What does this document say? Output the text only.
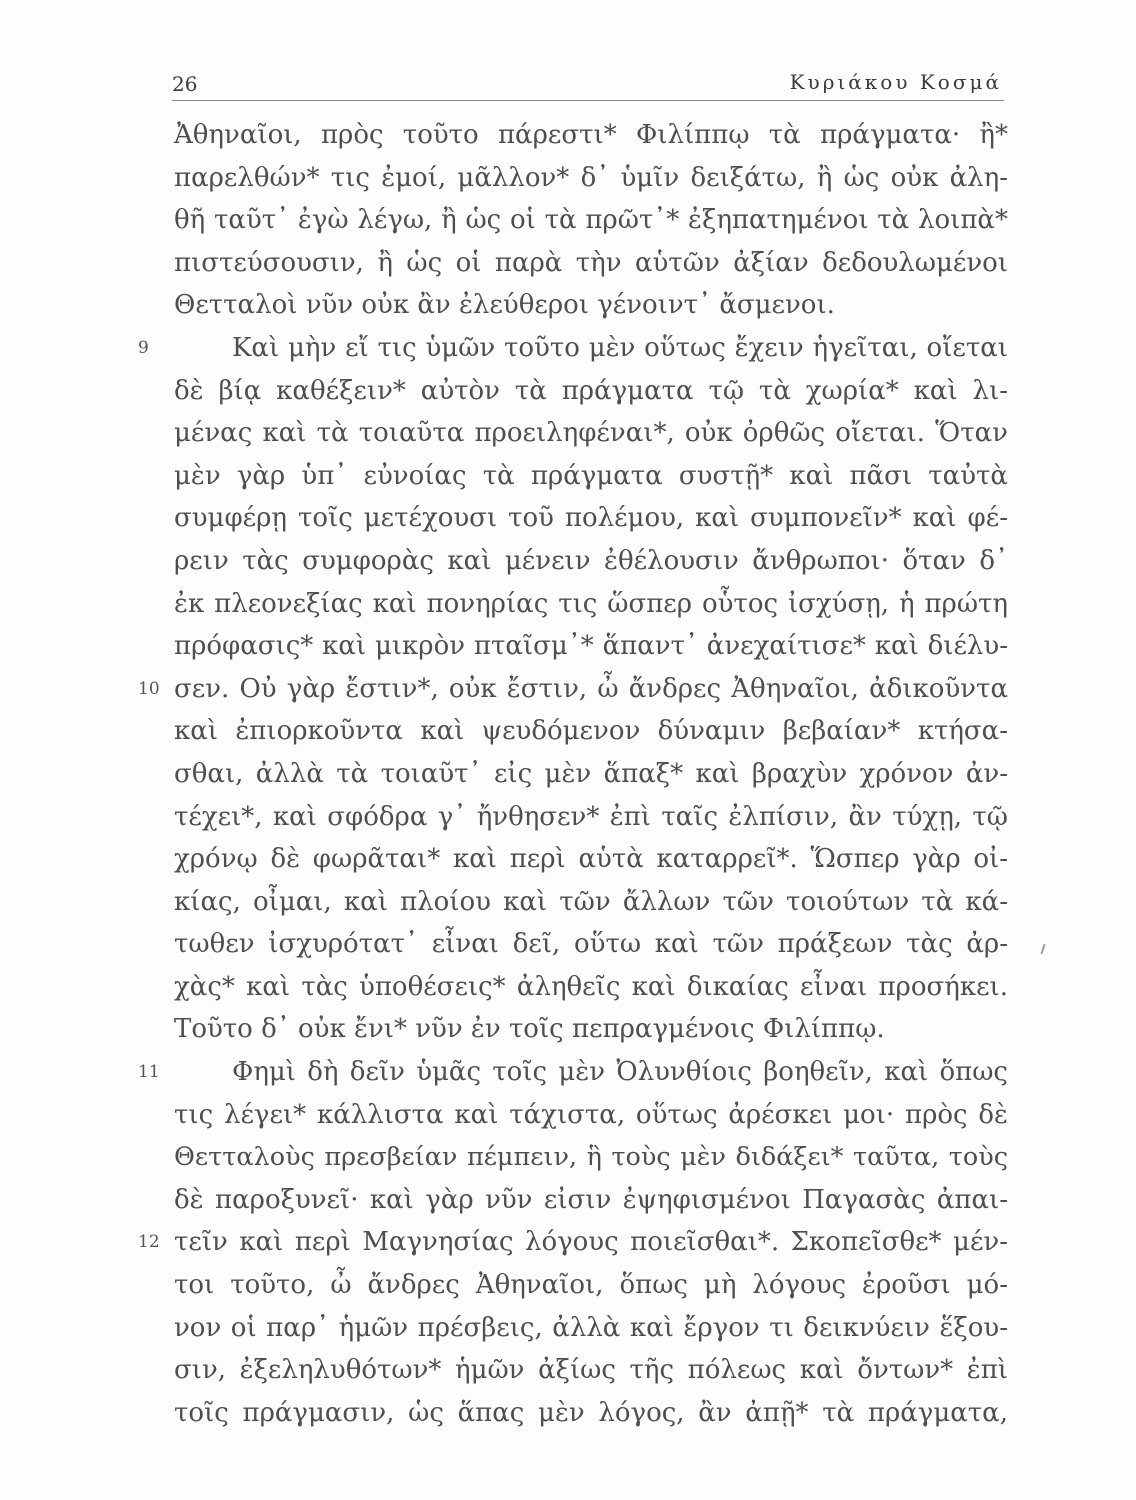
26	Κυριάκου Κοσμά
Ἀθηναῖοι, πρὸς τοῦτο πάρεστι* Φιλίππῳ τὰ πράγματα· ἢ*
παρελθών* τις ἐμοί, μᾶλλον* δ᾽ ὑμῖν δειξάτω, ἢ ὡς οὐκ ἀλη-
θῆ ταῦτ᾽ ἐγὼ λέγω, ἢ ὡς οἱ τὰ πρῶτ᾽* ἐξηπατημένοι τὰ λοιπὰ*
πιστεύσουσιν, ἢ ὡς οἱ παρὰ τὴν αὑτῶν ἀξίαν δεδουλωμένοι
Θετταλοὶ νῦν οὐκ ἂν ἐλεύθεροι γένοιντ᾽ ἄσμενοι.
9	Καὶ μὴν εἴ τις ὑμῶν τοῦτο μὲν οὕτως ἔχειν ἡγεῖται, οἴεται
δὲ βίᾳ καθέξειν* αὐτὸν τὰ πράγματα τῷ τὰ χωρία* καὶ λι-
μένας καὶ τὰ τοιαῦτα προειληφέναι*, οὐκ ὀρθῶς οἴεται. Ὅταν
μὲν γὰρ ὑπ᾽ εὐνοίας τὰ πράγματα συστῇ* καὶ πᾶσι ταὐτὰ
συμφέρῃ τοῖς μετέχουσι τοῦ πολέμου, καὶ συμπονεῖν* καὶ φέ-
ρειν τὰς συμφορὰς καὶ μένειν ἐθέλουσιν ἄνθρωποι· ὅταν δ᾽
ἐκ πλεονεξίας καὶ πονηρίας τις ὥσπερ οὗτος ἰσχύσῃ, ἡ πρώτη
πρόφασις* καὶ μικρὸν πταῖσμ᾽* ἅπαντ᾽ ἀνεχαίτισε* καὶ διέλυ-
10 σεν. Οὐ γὰρ ἔστιν*, οὐκ ἔστιν, ὦ ἄνδρες Ἀθηναῖοι, ἀδικοῦντα
καὶ ἐπιορκοῦντα καὶ ψευδόμενον δύναμιν βεβαίαν* κτήσα-
σθαι, ἀλλὰ τὰ τοιαῦτ᾽ εἰς μὲν ἅπαξ* καὶ βραχὺν χρόνον ἀν-
τέχει*, καὶ σφόδρα γ᾽ ἤνθησεν* ἐπὶ ταῖς ἐλπίσιν, ἂν τύχῃ, τῷ
χρόνῳ δὲ φωρᾶται* καὶ περὶ αὑτὰ καταρρεῖ*. Ὥσπερ γὰρ οἰ-
κίας, οἶμαι, καὶ πλοίου καὶ τῶν ἄλλων τῶν τοιούτων τὰ κά-
τωθεν ἰσχυρότατ᾽ εἶναι δεῖ, οὕτω καὶ τῶν πράξεων τὰς ἀρ-
χὰς* καὶ τὰς ὑποθέσεις* ἀληθεῖς καὶ δικαίας εἶναι προσήκει.
Τοῦτο δ᾽ οὐκ ἔνι* νῦν ἐν τοῖς πεπραγμένοις Φιλίππῳ.
11	Φημὶ δὴ δεῖν ὑμᾶς τοῖς μὲν Ὀλυνθίοις βοηθεῖν, καὶ ὅπως
τις λέγει* κάλλιστα καὶ τάχιστα, οὕτως ἀρέσκει μοι· πρὸς δὲ
Θετταλοὺς πρεσβείαν πέμπειν, ἣ τοὺς μὲν διδάξει* ταῦτα, τοὺς
δὲ παροξυνεῖ· καὶ γὰρ νῦν εἰσιν ἐψηφισμένοι Παγασὰς ἀπαι-
12 τεῖν καὶ περὶ Μαγνησίας λόγους ποιεῖσθαι*. Σκοπεῖσθε* μέν-
τοι τοῦτο, ὦ ἄνδρες Ἀθηναῖοι, ὅπως μὴ λόγους ἐροῦσι μό-
νον οἱ παρ᾽ ἡμῶν πρέσβεις, ἀλλὰ καὶ ἔργον τι δεικνύειν ἕξου-
σιν, ἐξεληλυθότων* ἡμῶν ἀξίως τῆς πόλεως καὶ ὄντων* ἐπὶ
τοῖς πράγμασιν, ὡς ἅπας μὲν λόγος, ἂν ἀπῇ* τὰ πράγματα,
